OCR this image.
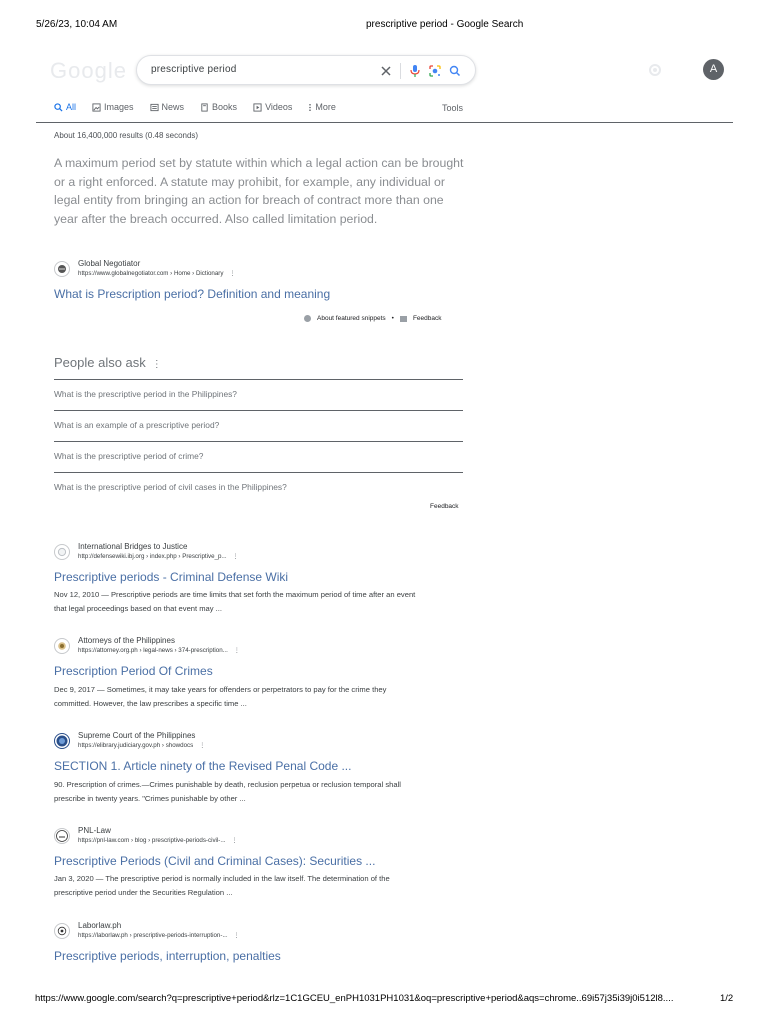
5/26/23, 10:04 AM	prescriptive period - Google Search
Google prescriptive period	A
All	Images	News	Books	Videos	More	Tools
About 16,400,000 results (0.48 seconds)
A maximum period set by statute within which a legal action can be brought or a right enforced. A statute may prohibit, for example, any individual or legal entity from bringing an action for breach of contract more than one year after the breach occurred. Also called limitation period.
Global Negotiator
https://www.globalnegotiator.com › Home › Dictionary ⋮
What is Prescription period? Definition and meaning
About featured snippets •	Feedback
People also ask ⋮
What is the prescriptive period in the Philippines?
What is an example of a prescriptive period?
What is the prescriptive period of crime?
What is the prescriptive period of civil cases in the Philippines?
Feedback
International Bridges to Justice
http://defensewiki.ibj.org › index.php › Prescriptive_p... ⋮
Prescriptive periods - Criminal Defense Wiki
Nov 12, 2010 — Prescriptive periods are time limits that set forth the maximum period of time after an event that legal proceedings based on that event may ...
Attorneys of the Philippines
https://attorney.org.ph › legal-news › 374-prescription... ⋮
Prescription Period Of Crimes
Dec 9, 2017 — Sometimes, it may take years for offenders or perpetrators to pay for the crime they committed. However, the law prescribes a specific time ...
Supreme Court of the Philippines
https://elibrary.judiciary.gov.ph › showdocs ⋮
SECTION 1. Article ninety of the Revised Penal Code ...
90. Prescription of crimes.—Crimes punishable by death, reclusion perpetua or reclusion temporal shall prescribe in twenty years. "Crimes punishable by other ...
PNL-Law
https://pnl-law.com › blog › prescriptive-periods-civil-... ⋮
Prescriptive Periods (Civil and Criminal Cases): Securities ...
Jan 3, 2020 — The prescriptive period is normally included in the law itself. The determination of the prescriptive period under the Securities Regulation ...
Laborlaw.ph
https://laborlaw.ph › prescriptive-periods-interruption-... ⋮
Prescriptive periods, interruption, penalties
https://www.google.com/search?q=prescriptive+period&rlz=1C1GCEU_enPH1031PH1031&oq=prescriptive+period&aqs=chrome..69i57j35i39j0i512l8....	1/2
